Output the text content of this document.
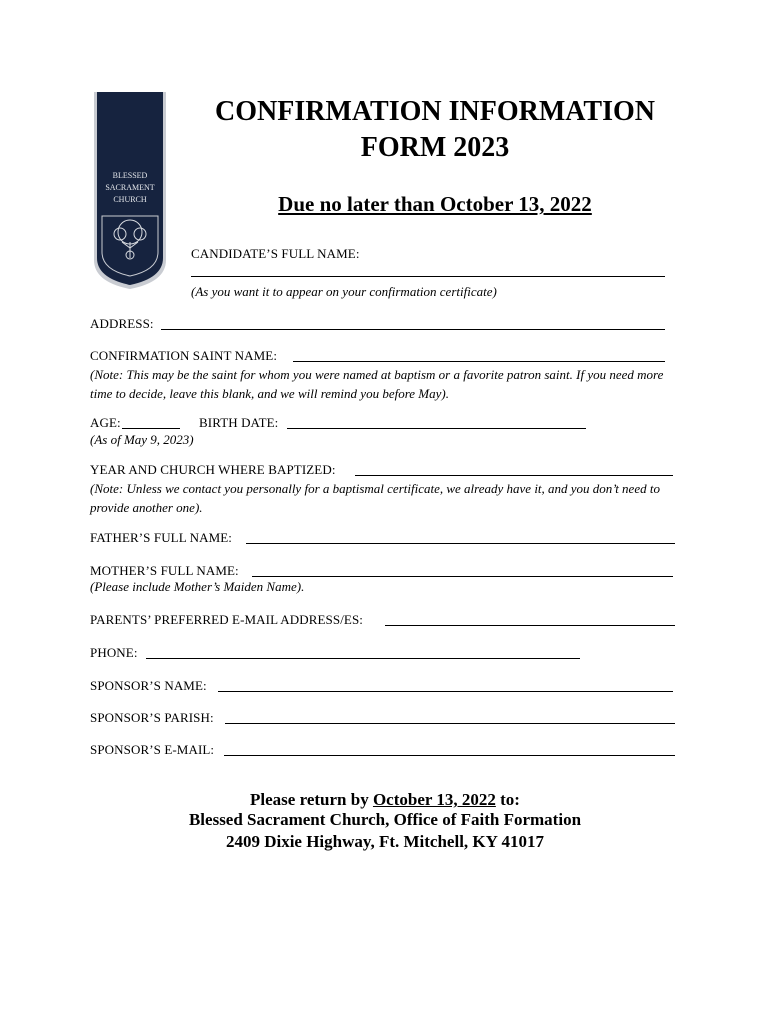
BLESSED
SACRAMENT
CHURCH
CONFIRMATION INFORMATION
FORM 2023
Due no later than October 13, 2022
CANDIDATE’S FULL NAME:
(As you want it to appear on your confirmation certificate)
ADDRESS:
CONFIRMATION SAINT NAME:
(Note: This may be the saint for whom you were named at baptism or a favorite patron saint. If you need more time to decide, leave this blank, and we will remind you before May).
AGE:	BIRTH DATE:
(As of May 9, 2023)
YEAR AND CHURCH WHERE BAPTIZED:
(Note: Unless we contact you personally for a baptismal certificate, we already have it, and you don’t need to provide another one).
FATHER’S FULL NAME:
MOTHER’S FULL NAME:
(Please include Mother’s Maiden Name).
PARENTS’ PREFERRED E-MAIL ADDRESS/ES:
PHONE:
SPONSOR’S NAME:
SPONSOR’S PARISH:
SPONSOR’S E-MAIL:
Please return by October 13, 2022 to:
Blessed Sacrament Church, Office of Faith Formation
2409 Dixie Highway, Ft. Mitchell, KY 41017
